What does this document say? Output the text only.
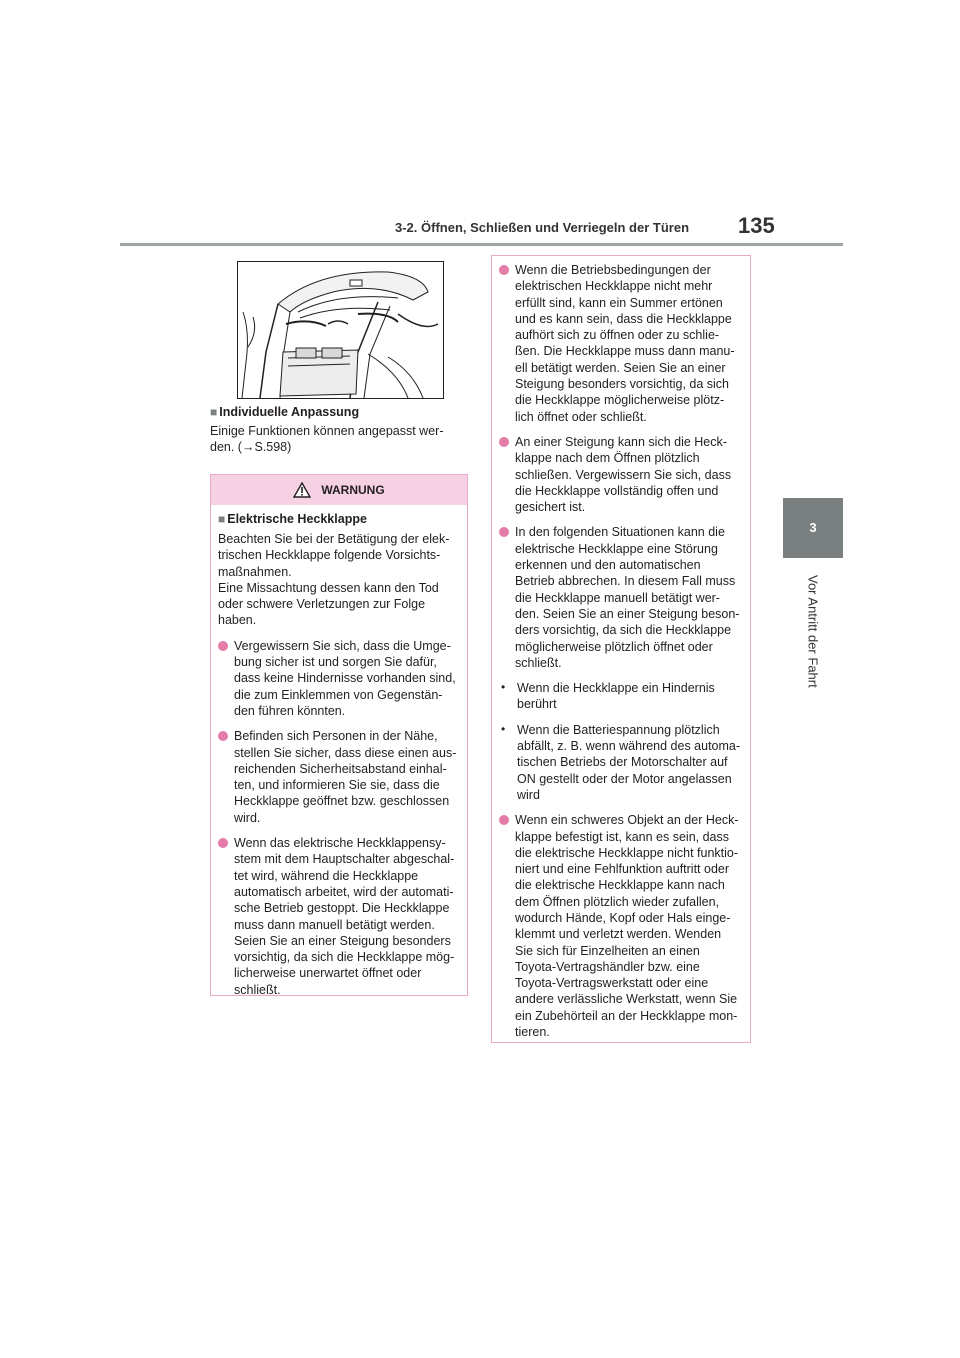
3-2. Öffnen, Schließen und Verriegeln der Türen 135
3
Vor Antritt der Fahrt
■ Individuelle Anpassung
Einige Funktionen können angepasst wer-
den. (→S.598)
WARNUNG
■ Elektrische Heckklappe
Beachten Sie bei der Betätigung der elek-
trischen Heckklappe folgende Vorsichts-
maßnahmen.
Eine Missachtung dessen kann den Tod
oder schwere Verletzungen zur Folge
haben.
Vergewissern Sie sich, dass die Umge-
bung sicher ist und sorgen Sie dafür,
dass keine Hindernisse vorhanden sind,
die zum Einklemmen von Gegenstän-
den führen könnten.
Befinden sich Personen in der Nähe,
stellen Sie sicher, dass diese einen aus-
reichenden Sicherheitsabstand einhal-
ten, und informieren Sie sie, dass die
Heckklappe geöffnet bzw. geschlossen
wird.
Wenn das elektrische Heckklappensy-
stem mit dem Hauptschalter abgeschal-
tet wird, während die Heckklappe
automatisch arbeitet, wird der automati-
sche Betrieb gestoppt. Die Heckklappe
muss dann manuell betätigt werden.
Seien Sie an einer Steigung besonders
vorsichtig, da sich die Heckklappe mög-
licherweise unerwartet öffnet oder
schließt.
Wenn die Betriebsbedingungen der
elektrischen Heckklappe nicht mehr
erfüllt sind, kann ein Summer ertönen
und es kann sein, dass die Heckklappe
aufhört sich zu öffnen oder zu schlie-
ßen. Die Heckklappe muss dann manu-
ell betätigt werden. Seien Sie an einer
Steigung besonders vorsichtig, da sich
die Heckklappe möglicherweise plötz-
lich öffnet oder schließt.
An einer Steigung kann sich die Heck-
klappe nach dem Öffnen plötzlich
schließen. Vergewissern Sie sich, dass
die Heckklappe vollständig offen und
gesichert ist.
In den folgenden Situationen kann die
elektrische Heckklappe eine Störung
erkennen und den automatischen
Betrieb abbrechen. In diesem Fall muss
die Heckklappe manuell betätigt wer-
den. Seien Sie an einer Steigung beson-
ders vorsichtig, da sich die Heckklappe
möglicherweise plötzlich öffnet oder
schließt.
• Wenn die Heckklappe ein Hindernis
berührt
• Wenn die Batteriespannung plötzlich
abfällt, z. B. wenn während des automa-
tischen Betriebs der Motorschalter auf
ON gestellt oder der Motor angelassen
wird
Wenn ein schweres Objekt an der Heck-
klappe befestigt ist, kann es sein, dass
die elektrische Heckklappe nicht funktio-
niert und eine Fehlfunktion auftritt oder
die elektrische Heckklappe kann nach
dem Öffnen plötzlich wieder zufallen,
wodurch Hände, Kopf oder Hals einge-
klemmt und verletzt werden. Wenden
Sie sich für Einzelheiten an einen
Toyota-Vertragshändler bzw. eine
Toyota-Vertragswerkstatt oder eine
andere verlässliche Werkstatt, wenn Sie
ein Zubehörteil an der Heckklappe mon-
tieren.
